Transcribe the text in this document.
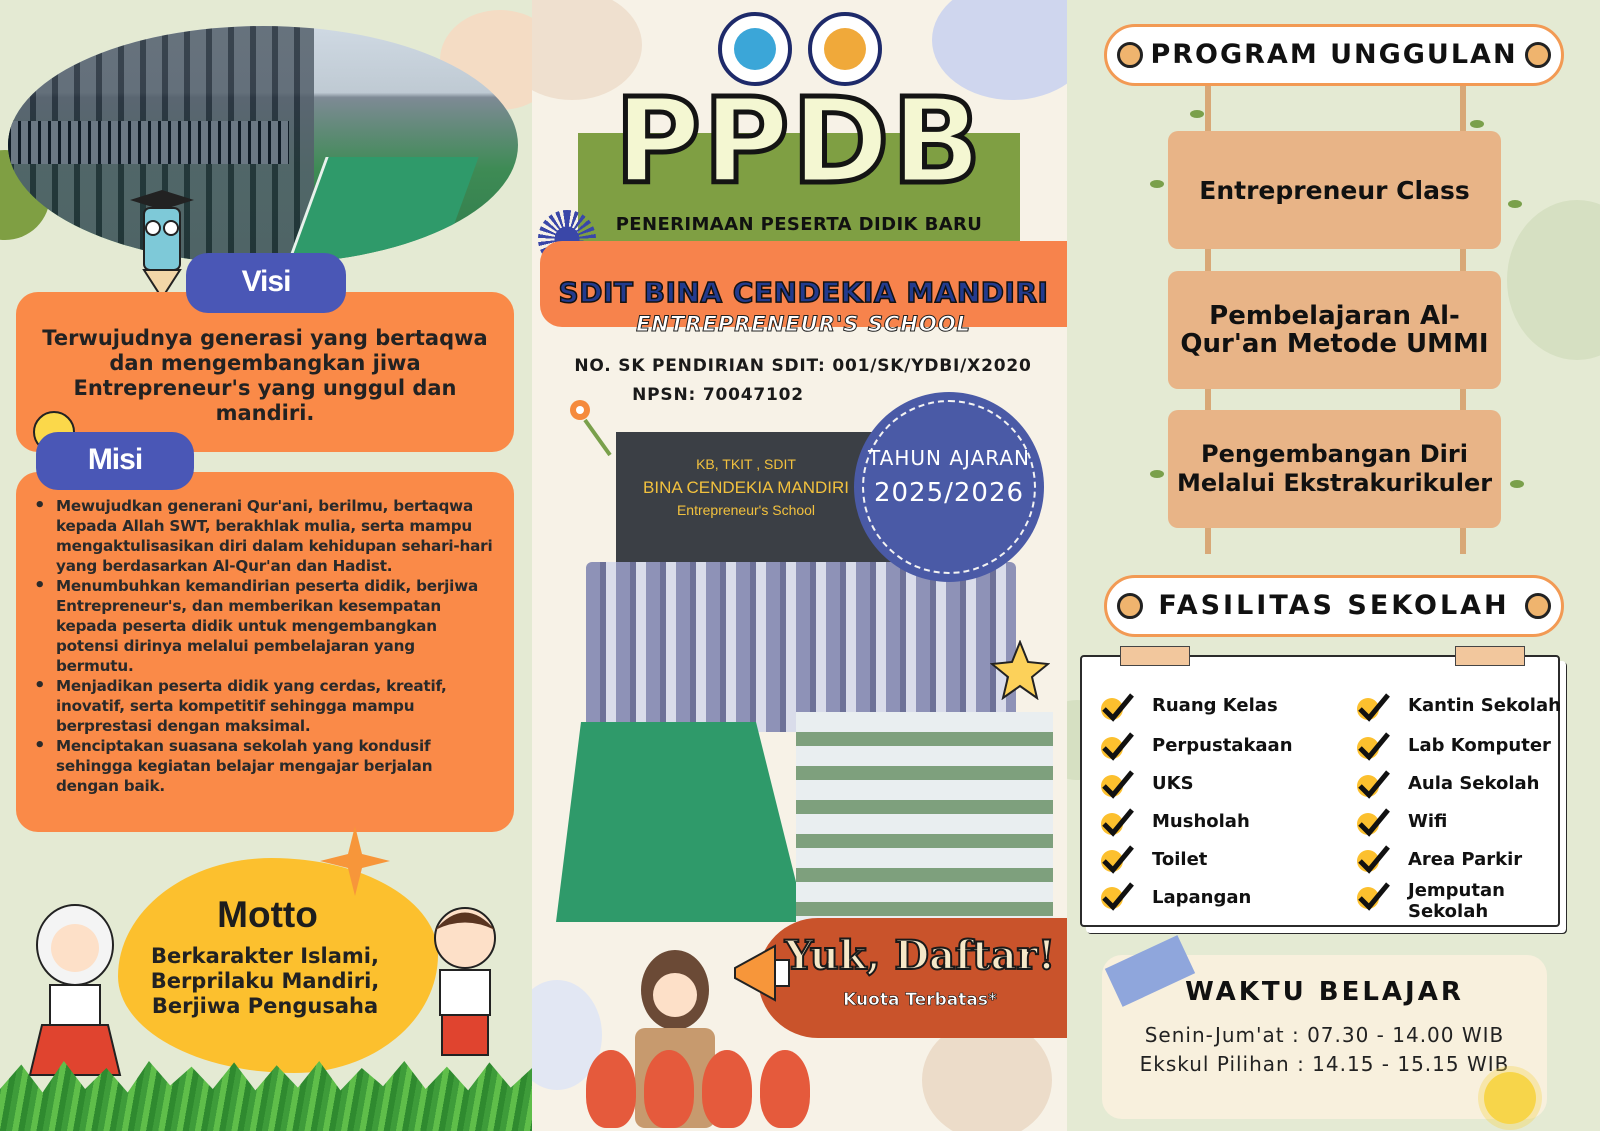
Terwujudnya generasi yang bertaqwa dan mengembangkan jiwa Entrepreneur's yang unggul dan mandiri.

Visi
• Mewujudkan generani Qur'ani, berilmu, bertaqwa kepada Allah SWT, berakhlak mulia, serta mampu mengaktulisasikan diri dalam kehidupan sehari-hari yang berdasarkan Al-Qur'an dan Hadist.
• Menumbuhkan kemandirian peserta didik, berjiwa Entrepreneur's, dan memberikan kesempatan kepada peserta didik untuk mengembangkan potensi dirinya melalui pembelajaran yang bermutu.
• Menjadikan peserta didik yang cerdas, kreatif, inovatif, serta kompetitif sehingga mampu berprestasi dengan maksimal.
• Menciptakan suasana sekolah yang kondusif sehingga kegiatan belajar mengajar berjalan dengan baik.
Misi
Motto
Berkarakter Islami,
Berprilaku Mandiri,
Berjiwa Pengusaha
PPDB
PENERIMAAN PESERTA DIDIK BARU
SDIT BINA CENDEKIA MANDIRI
ENTREPRENEUR'S SCHOOL
NO. SK PENDIRIAN SDIT: 001/SK/YDBI/X2020
NPSN: 70047102
KB, TKIT , SDIT
BINA CENDEKIA MANDIRI
Entrepreneur's School
TAHUN AJARAN
2025/2026
Yuk, Daftar!
Kuota Terbatas*
PROGRAM UNGGULAN
Entrepreneur Class
Pembelajaran Al-Qur'an Metode UMMI
Pengembangan Diri Melalui Ekstrakurikuler
FASILITAS SEKOLAH
Ruang Kelas
Perpustakaan
UKS
Musholah
Toilet
Lapangan
Kantin Sekolah
Lab Komputer
Aula Sekolah
Wifi
Area Parkir
Jemputan Sekolah
WAKTU BELAJAR
Senin-Jum'at : 07.30 - 14.00 WIB
Ekskul Pilihan : 14.15 - 15.15 WIB
